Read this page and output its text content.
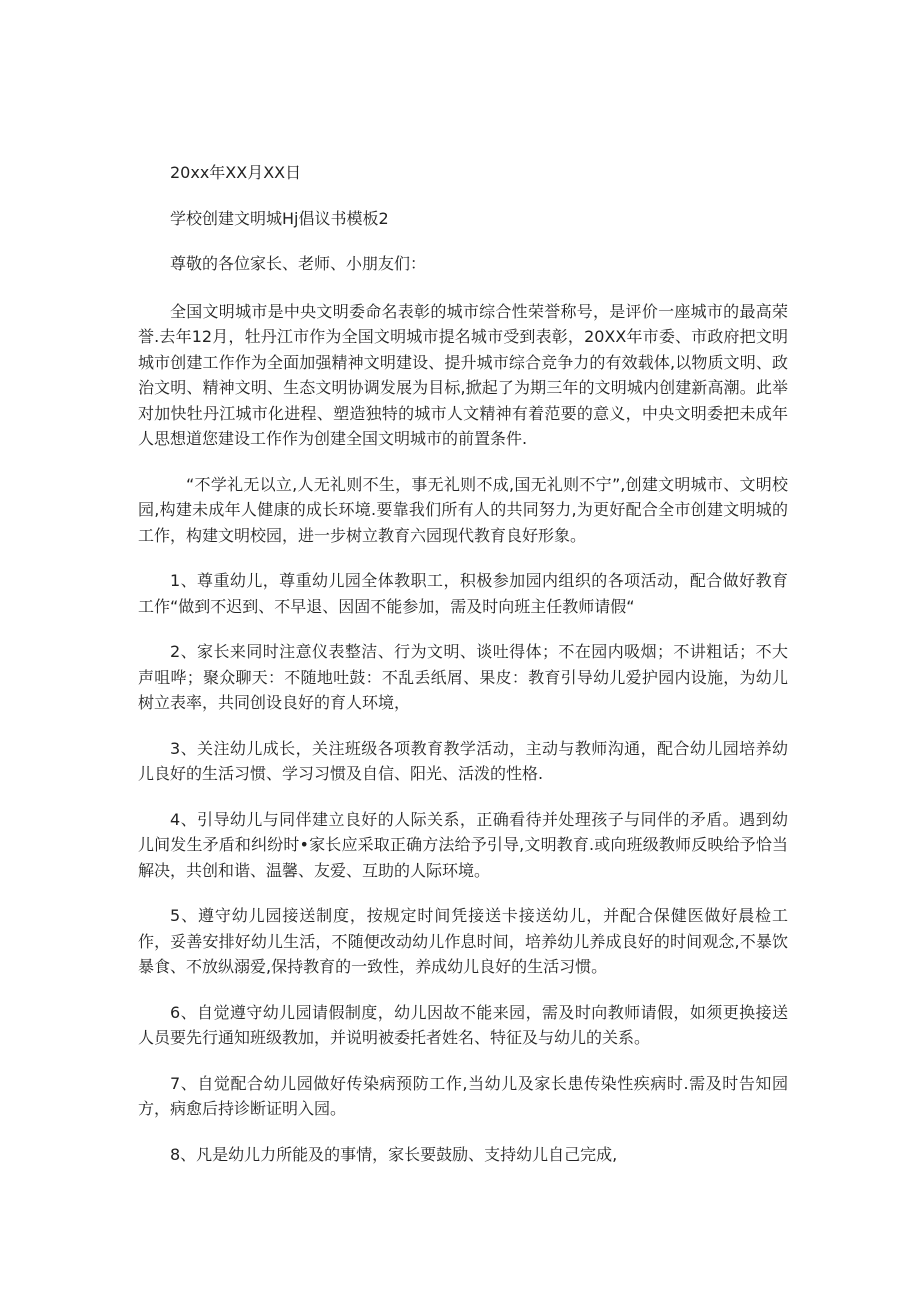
20xx年XX月XX日

学校创建文明城Hj倡议书模板2

尊敬的各位家长、老师、小朋友们：

全国文明城市是中央文明委命名表彰的城市综合性荣誉称号，是评价一座城市的最高荣誉.去年12月，牡丹江市作为全国文明城市提名城市受到表彰，20XX年市委、市政府把文明城市创建工作作为全面加强精神文明建设、提升城市综合竞争力的有效载体,以物质文明、政治文明、精神文明、生态文明协调发展为目标,掀起了为期三年的文明城内创建新高潮。此举对加快牡丹江城市化进程、塑造独特的城市人文精神有着范要的意义，中央文明委把未成年人思想道您建设工作作为创建全国文明城市的前置条件.

“不学礼无以立,人无礼则不生，事无礼则不成,国无礼则不宁”,创建文明城市、文明校园,构建未成年人健康的成长环境.要靠我们所有人的共同努力,为更好配合全市创建文明城的工作，构建文明校园，进一步树立教育六园现代教育良好形象。

1、尊重幼儿，尊重幼儿园全体教职工，积极参加园内组织的各项活动，配合做好教育工作“做到不迟到、不早退、因固不能参加，需及时向班主任教师请假“

2、家长来同时注意仪表整洁、行为文明、谈吐得体；不在园内吸烟；不讲粗话；不大声咀哗；聚众聊天：不随地吐鼓：不乱丢纸屑、果皮：教育引导幼儿爱护园内设施，为幼儿树立表率，共同创设良好的育人环境，

3、关注幼儿成长，关注班级各项教育教学活动，主动与教师沟通，配合幼儿园培养幼儿良好的生活习惯、学习习惯及自信、阳光、活泼的性格.

4、引导幼儿与同伴建立良好的人际关系，正确看待并处理孩子与同伴的矛盾。遇到幼儿间发生矛盾和纠纷时•家长应采取正确方法给予引导,文明教育.或向班级教师反映给予恰当解决，共创和谐、温馨、友爱、互助的人际环境。

5、遵守幼儿园接送制度，按规定时间凭接送卡接送幼儿，并配合保健医做好晨检工作，妥善安排好幼儿生活，不随便改动幼儿作息时间，培养幼儿养成良好的时间观念,不暴饮暴食、不放纵溺爱,保持教育的一致性，养成幼儿良好的生活习惯。

6、自觉遵守幼儿园请假制度，幼儿因故不能来园，需及时向教师请假，如须更换接送人员要先行通知班级教加，并说明被委托者姓名、特征及与幼儿的关系。

7、自觉配合幼儿园做好传染病预防工作,当幼儿及家长患传染性疾病时.需及时告知园方，病愈后持诊断证明入园。

8、凡是幼儿力所能及的事情，家长要鼓励、支持幼儿自己完成,
